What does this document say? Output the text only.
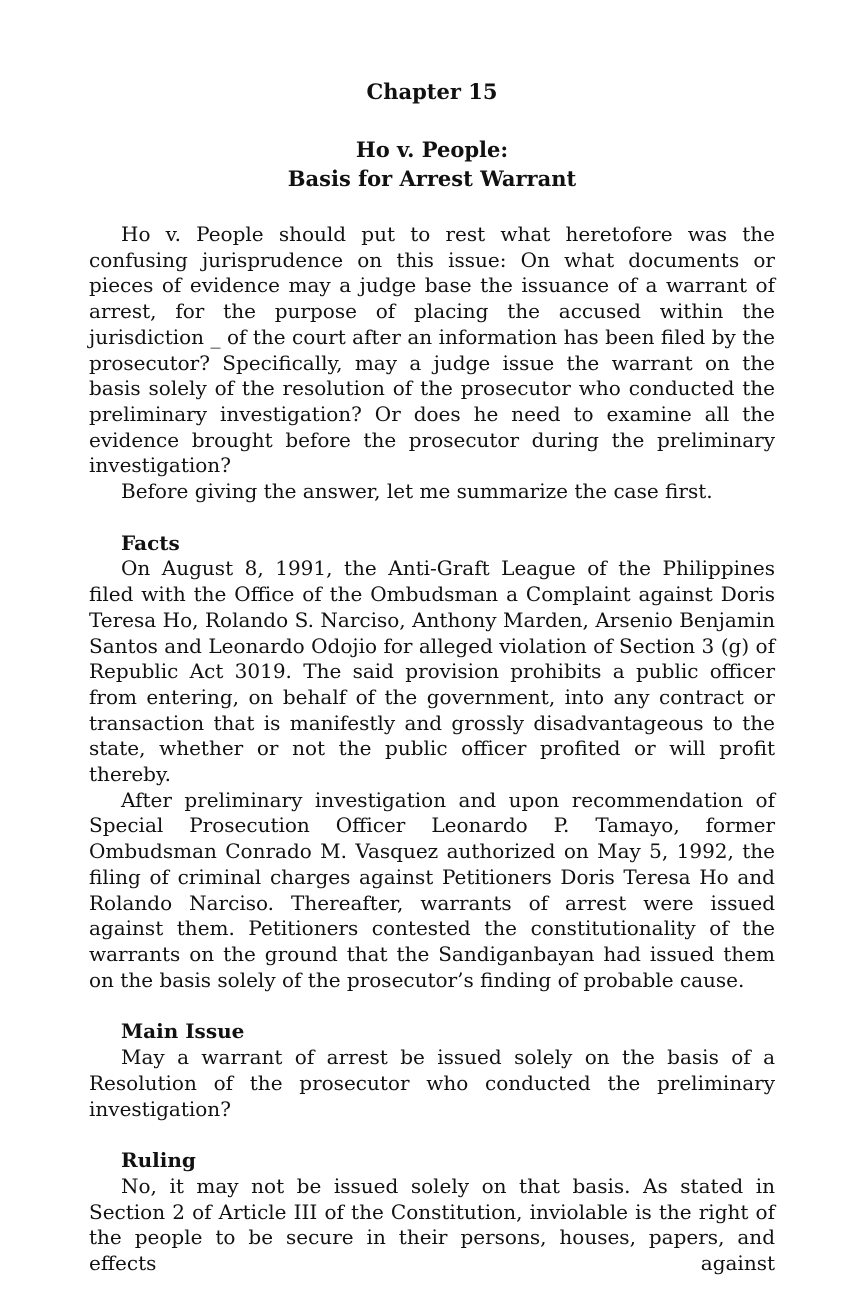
Chapter 15

Ho v. People:
Basis for Arrest Warrant

Ho v. People should put to rest what heretofore was the confusing jurisprudence on this issue: On what documents or pieces of evidence may a judge base the issuance of a warrant of arrest, for the purpose of placing the accused within the jurisdiction _ of the court after an information has been filed by the prosecutor? Specifically, may a judge issue the warrant on the basis solely of the resolution of the prosecutor who conducted the preliminary investigation? Or does he need to examine all the evidence brought before the prosecutor during the preliminary investigation?

Before giving the answer, let me summarize the case first.

Facts

On August 8, 1991, the Anti-Graft League of the Philippines filed with the Office of the Ombudsman a Complaint against Doris Teresa Ho, Rolando S. Narciso, Anthony Marden, Arsenio Benjamin Santos and Leonardo Odojio for alleged violation of Section 3 (g) of Republic Act 3019. The said provision prohibits a public officer from entering, on behalf of the government, into any contract or transaction that is manifestly and grossly disadvantageous to the state, whether or not the public officer profited or will profit thereby.

After preliminary investigation and upon recommendation of Special Prosecution Officer Leonardo P. Tamayo, former Ombudsman Conrado M. Vasquez authorized on May 5, 1992, the filing of criminal charges against Petitioners Doris Teresa Ho and Rolando Narciso. Thereafter, warrants of arrest were issued against them. Petitioners contested the constitutionality of the warrants on the ground that the Sandiganbayan had issued them on the basis solely of the prosecutor’s finding of probable cause.

Main Issue

May a warrant of arrest be issued solely on the basis of a Resolution of the prosecutor who conducted the preliminary investigation?

Ruling

No, it may not be issued solely on that basis. As stated in Section 2 of Article III of the Constitution, inviolable is the right of the people to be secure in their persons, houses, papers, and effects against
